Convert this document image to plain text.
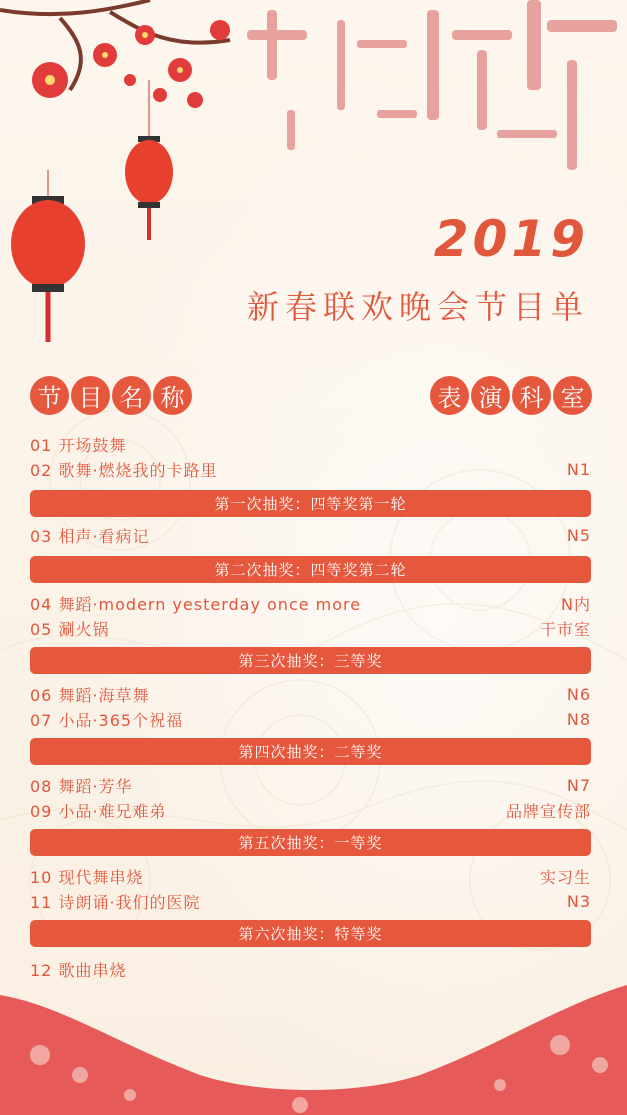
2019
新春联欢晚会节目单
节 目 名 称	表 演 科 室
01 开场鼓舞
02 歌舞·燃烧我的卡路里	N1
第一次抽奖：四等奖第一轮
03 相声·看病记	N5
第二次抽奖：四等奖第二轮
04 舞蹈·modern yesterday once more	N内
05 涮火锅	干市室
第三次抽奖：三等奖
06 舞蹈·海草舞	N6
07 小品·365个祝福	N8
第四次抽奖：二等奖
08 舞蹈·芳华	N7
09 小品·难兄难弟	品牌宣传部
第五次抽奖：一等奖
10 现代舞串烧	实习生
11 诗朗诵·我们的医院	N3
第六次抽奖：特等奖
12 歌曲串烧
